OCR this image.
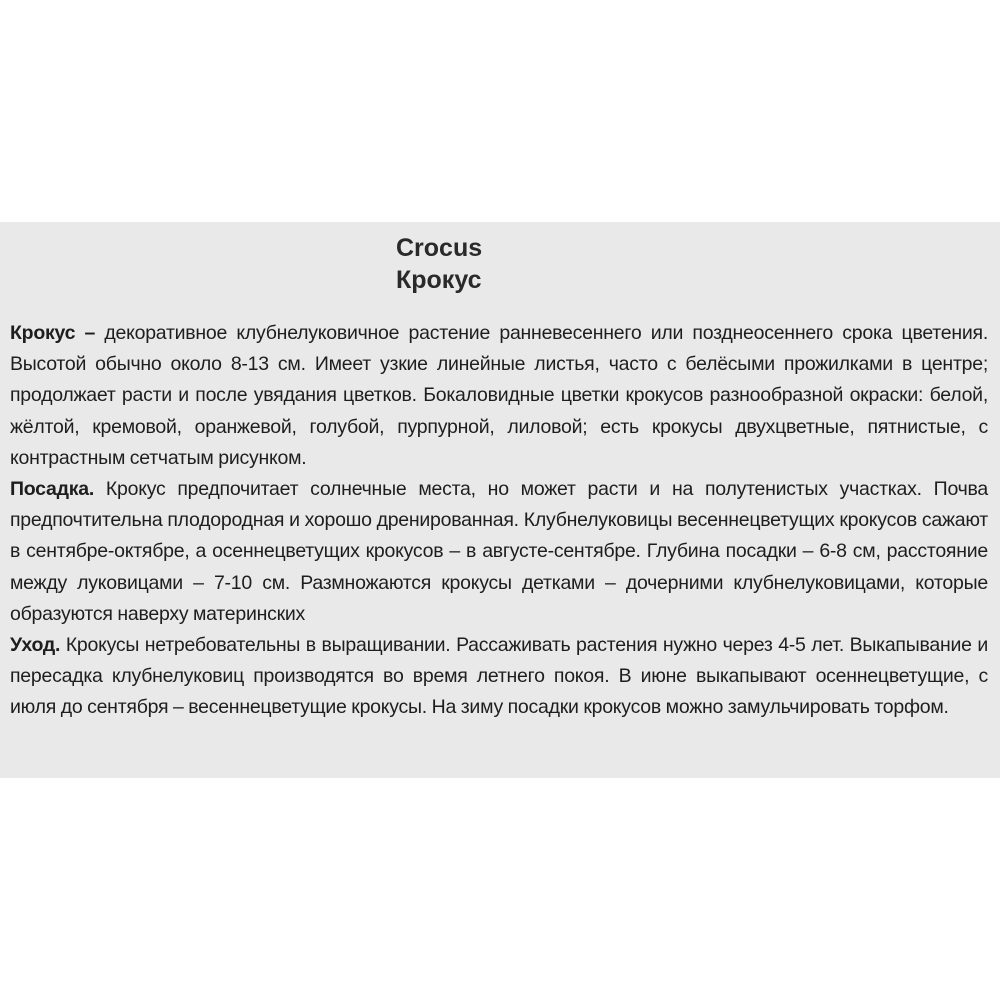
Crocus
Крокус

Крокус – декоративное клубнелуковичное растение ранневесеннего или позднеосеннего срока цветения. Высотой обычно около 8-13 см. Имеет узкие линейные листья, часто с белёсыми прожилками в центре; продолжает расти и после увядания цветков. Бокаловидные цветки крокусов разнообразной окраски: белой, жёлтой, кремовой, оранжевой, голубой, пурпурной, лиловой; есть крокусы двухцветные, пятнистые, с контрастным сетчатым рисунком.

Посадка. Крокус предпочитает солнечные места, но может расти и на полутенистых участках. Почва предпочтительна плодородная и хорошо дренированная. Клубнелуковицы весеннецветущих крокусов сажают в сентябре-октябре, а осеннецветущих крокусов – в августе-сентябре. Глубина посадки – 6-8 см, расстояние между луковицами – 7-10 см. Размножаются крокусы детками – дочерними клубнелуковицами, которые образуются наверху материнских

Уход. Крокусы нетребовательны в выращивании. Рассаживать растения нужно через 4-5 лет. Выкапывание и пересадка клубнелуковиц производятся во время летнего покоя. В июне выкапывают осеннецветущие, с июля до сентября – весеннецветущие крокусы. На зиму посадки крокусов можно замульчировать торфом.
